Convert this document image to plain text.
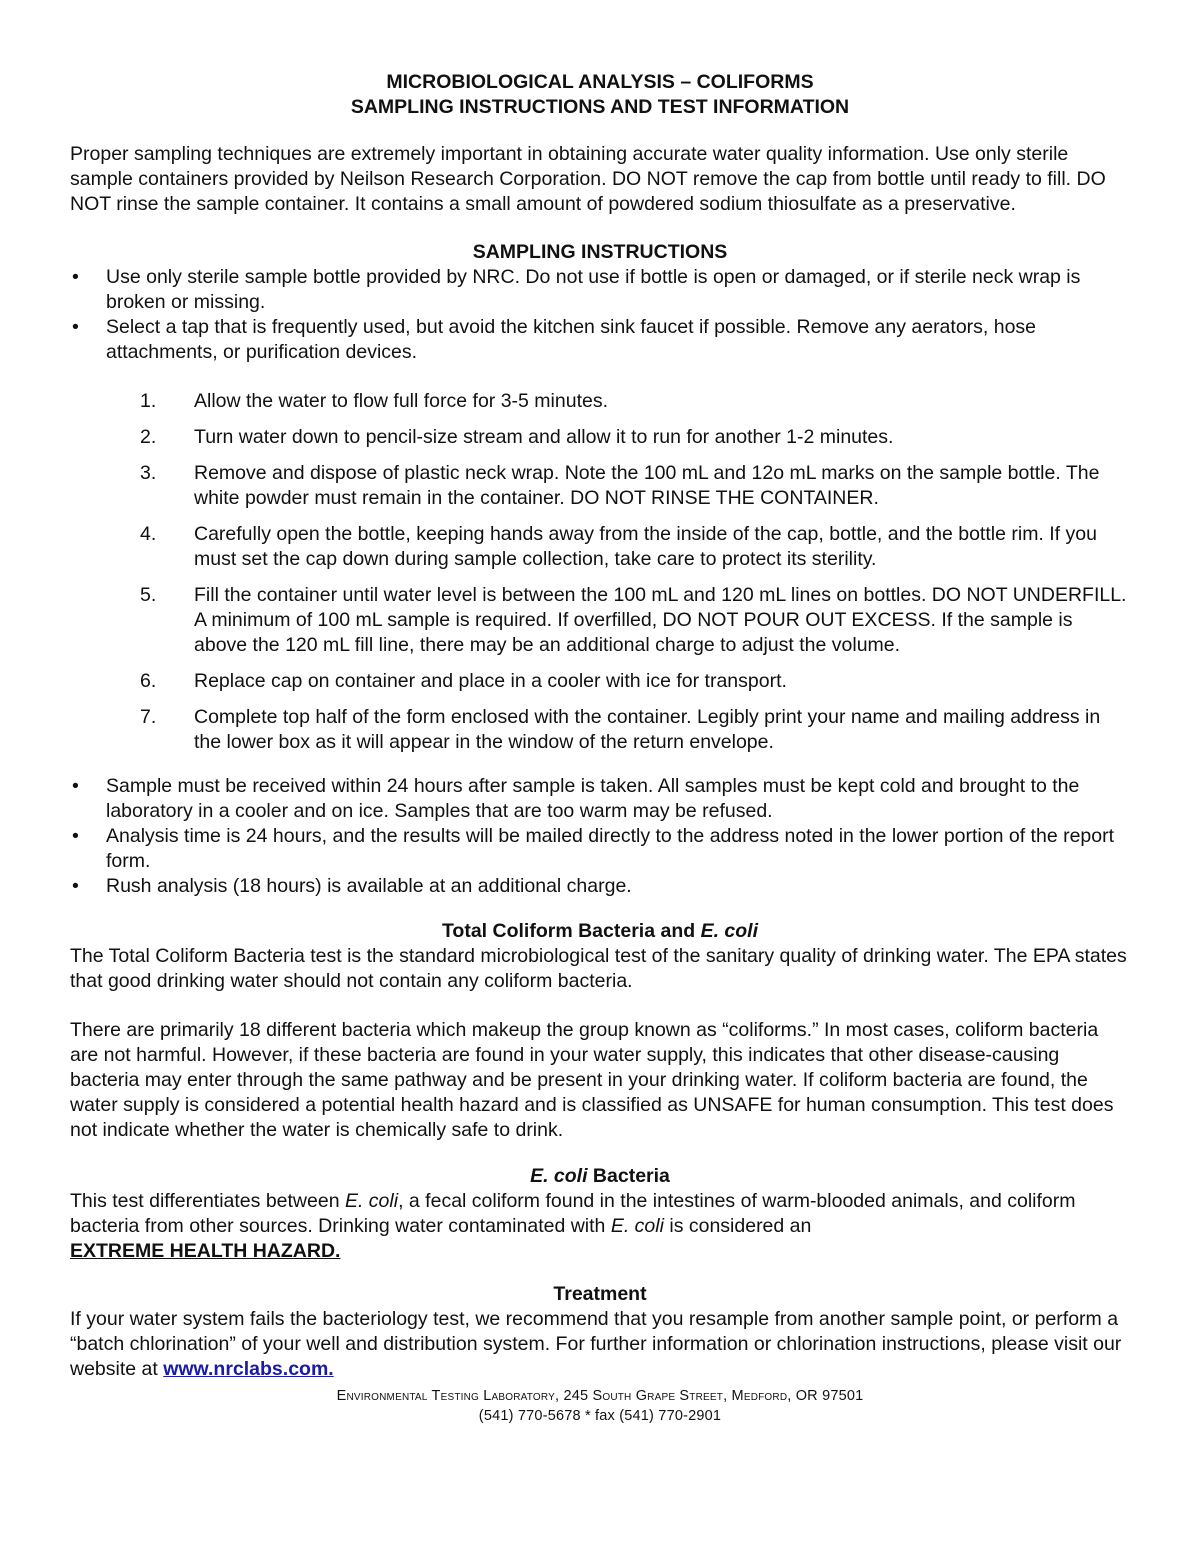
MICROBIOLOGICAL ANALYSIS – COLIFORMS
SAMPLING INSTRUCTIONS AND TEST INFORMATION

Proper sampling techniques are extremely important in obtaining accurate water quality information. Use only sterile sample containers provided by Neilson Research Corporation. DO NOT remove the cap from bottle until ready to fill. DO NOT rinse the sample container. It contains a small amount of powdered sodium thiosulfate as a preservative.

SAMPLING INSTRUCTIONS

• Use only sterile sample bottle provided by NRC. Do not use if bottle is open or damaged, or if sterile neck wrap is broken or missing.
• Select a tap that is frequently used, but avoid the kitchen sink faucet if possible. Remove any aerators, hose attachments, or purification devices.
1. Allow the water to flow full force for 3-5 minutes.
2. Turn water down to pencil-size stream and allow it to run for another 1-2 minutes.
3. Remove and dispose of plastic neck wrap. Note the 100 mL and 12o mL marks on the sample bottle. The white powder must remain in the container. DO NOT RINSE THE CONTAINER.
4. Carefully open the bottle, keeping hands away from the inside of the cap, bottle, and the bottle rim. If you must set the cap down during sample collection, take care to protect its sterility.
5. Fill the container until water level is between the 100 mL and 120 mL lines on bottles. DO NOT UNDERFILL. A minimum of 100 mL sample is required. If overfilled, DO NOT POUR OUT EXCESS. If the sample is above the 120 mL fill line, there may be an additional charge to adjust the volume.
6. Replace cap on container and place in a cooler with ice for transport.
7. Complete top half of the form enclosed with the container. Legibly print your name and mailing address in the lower box as it will appear in the window of the return envelope.
• Sample must be received within 24 hours after sample is taken. All samples must be kept cold and brought to the laboratory in a cooler and on ice. Samples that are too warm may be refused.
• Analysis time is 24 hours, and the results will be mailed directly to the address noted in the lower portion of the report form.
• Rush analysis (18 hours) is available at an additional charge.

Total Coliform Bacteria and E. coli

The Total Coliform Bacteria test is the standard microbiological test of the sanitary quality of drinking water. The EPA states that good drinking water should not contain any coliform bacteria.

There are primarily 18 different bacteria which makeup the group known as “coliforms.” In most cases, coliform bacteria are not harmful. However, if these bacteria are found in your water supply, this indicates that other disease-causing bacteria may enter through the same pathway and be present in your drinking water. If coliform bacteria are found, the water supply is considered a potential health hazard and is classified as UNSAFE for human consumption. This test does not indicate whether the water is chemically safe to drink.

E. coli Bacteria

This test differentiates between E. coli, a fecal coliform found in the intestines of warm-blooded animals, and coliform bacteria from other sources. Drinking water contaminated with E. coli is considered an
EXTREME HEALTH HAZARD.

Treatment

If your water system fails the bacteriology test, we recommend that you resample from another sample point, or perform a “batch chlorination” of your well and distribution system. For further information or chlorination instructions, please visit our website at www.nrclabs.com.

Environmental Testing Laboratory, 245 South Grape Street, Medford, OR 97501
(541) 770-5678 * fax (541) 770-2901
